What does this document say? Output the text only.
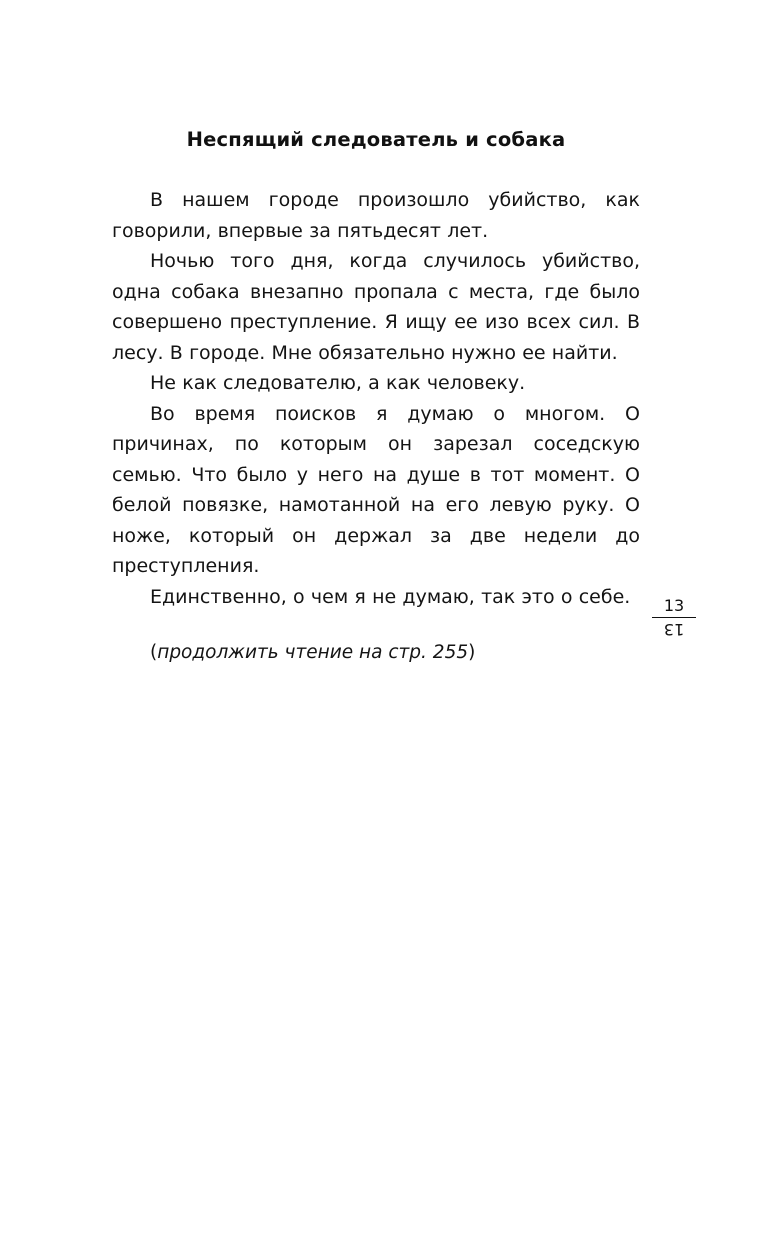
Неспящий следователь и собака

В нашем городе произошло убийство, как говорили, впервые за пятьдесят лет.

Ночью того дня, когда случилось убийство, одна собака внезапно пропала с места, где было совершено преступление. Я ищу ее изо всех сил. В лесу. В городе. Мне обязательно нужно ее найти.

Не как следователю, а как человеку.

Во время поисков я думаю о многом. О причинах, по которым он зарезал соседскую семью. Что было у него на душе в тот момент. О белой повязке, намотанной на его левую руку. О ноже, который он держал за две недели до преступления.

Единственно, о чем я не думаю, так это о себе.

(продолжить чтение на стр. 255)

13
13
